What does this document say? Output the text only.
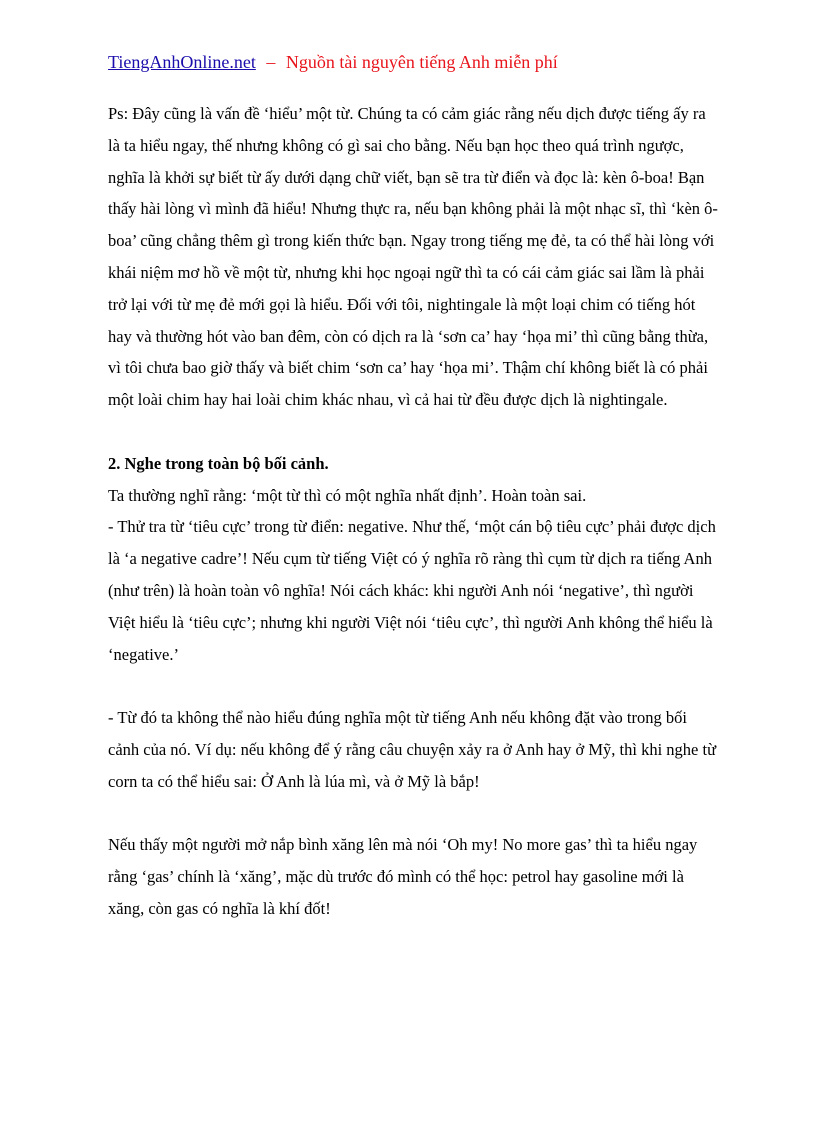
TiengAnhOnline.net – Nguồn tài nguyên tiếng Anh miễn phí

Ps: Đây cũng là vấn đề ‘hiểu’ một từ. Chúng ta có cảm giác rằng nếu dịch được tiếng ấy ra là ta hiểu ngay, thế nhưng không có gì sai cho bằng. Nếu bạn học theo quá trình ngược, nghĩa là khởi sự biết từ ấy dưới dạng chữ viết, bạn sẽ tra từ điển và đọc là: kèn ô-boa! Bạn thấy hài lòng vì mình đã hiểu! Nhưng thực ra, nếu bạn không phải là một nhạc sĩ, thì ‘kèn ô-boa’ cũng chẳng thêm gì trong kiến thức bạn. Ngay trong tiếng mẹ đẻ, ta có thể hài lòng với khái niệm mơ hồ về một từ, nhưng khi học ngoại ngữ thì ta có cái cảm giác sai lầm là phải trở lại với từ mẹ đẻ mới gọi là hiểu. Đối với tôi, nightingale là một loại chim có tiếng hót hay và thường hót vào ban đêm, còn có dịch ra là ‘sơn ca’ hay ‘họa mi’ thì cũng bằng thừa, vì tôi chưa bao giờ thấy và biết chim ‘sơn ca’ hay ‘họa mi’. Thậm chí không biết là có phải một loài chim hay hai loài chim khác nhau, vì cả hai từ đều được dịch là nightingale.

2. Nghe trong toàn bộ bối cảnh.

Ta thường nghĩ rằng: ‘một từ thì có một nghĩa nhất định’. Hoàn toàn sai.

- Thử tra từ ‘tiêu cực’ trong từ điển: negative. Như thế, ‘một cán bộ tiêu cực’ phải được dịch là ‘a negative cadre’! Nếu cụm từ tiếng Việt có ý nghĩa rõ ràng thì cụm từ dịch ra tiếng Anh (như trên) là hoàn toàn vô nghĩa! Nói cách khác: khi người Anh nói ‘negative’, thì người Việt hiểu là ‘tiêu cực’; nhưng khi người Việt nói ‘tiêu cực’, thì người Anh không thể hiểu là ‘negative.’

- Từ đó ta không thể nào hiểu đúng nghĩa một từ tiếng Anh nếu không đặt vào trong bối cảnh của nó. Ví dụ: nếu không để ý rằng câu chuyện xảy ra ở Anh hay ở Mỹ, thì khi nghe từ corn ta có thể hiểu sai: Ở Anh là lúa mì, và ở Mỹ là bắp!

Nếu thấy một người mở nắp bình xăng lên mà nói ‘Oh my! No more gas’ thì ta hiểu ngay rằng ‘gas’ chính là ‘xăng’, mặc dù trước đó mình có thể học: petrol hay gasoline mới là xăng, còn gas có nghĩa là khí đốt!
